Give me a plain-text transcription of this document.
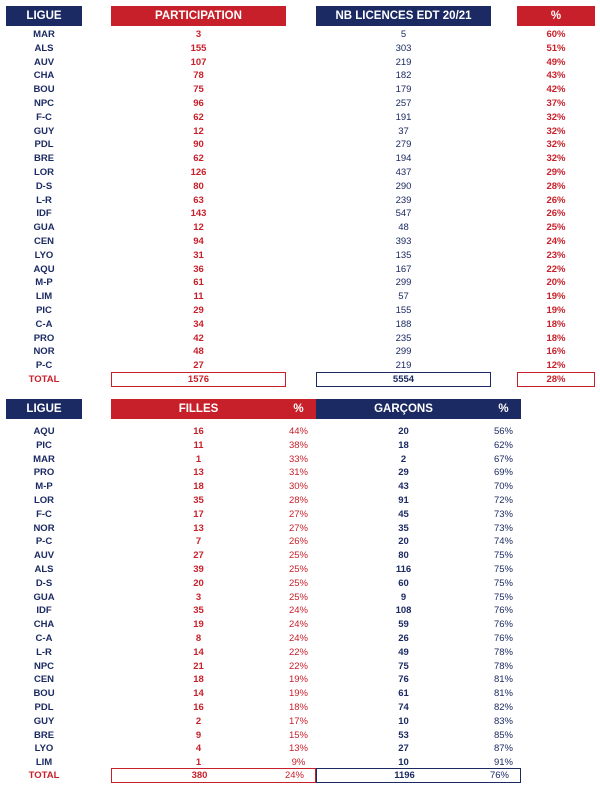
LIGUE	PARTICIPATION	NB LICENCES EDT 20/21	%
MAR	3	5	60%
ALS	155	303	51%
AUV	107	219	49%
CHA	78	182	43%
BOU	75	179	42%
NPC	96	257	37%
F-C	62	191	32%
GUY	12	37	32%
PDL	90	279	32%
BRE	62	194	32%
LOR	126	437	29%
D-S	80	290	28%
L-R	63	239	26%
IDF	143	547	26%
GUA	12	48	25%
CEN	94	393	24%
LYO	31	135	23%
AQU	36	167	22%
M-P	61	299	20%
LIM	11	57	19%
PIC	29	155	19%
C-A	34	188	18%
PRO	42	235	18%
NOR	48	299	16%
P-C	27	219	12%
TOTAL	1576	5554	28%
LIGUE	FILLES	%	GARÇONS	%
AQU	16	44%	20	56%
PIC	11	38%	18	62%
MAR	1	33%	2	67%
PRO	13	31%	29	69%
M-P	18	30%	43	70%
LOR	35	28%	91	72%
F-C	17	27%	45	73%
NOR	13	27%	35	73%
P-C	7	26%	20	74%
AUV	27	25%	80	75%
ALS	39	25%	116	75%
D-S	20	25%	60	75%
GUA	3	25%	9	75%
IDF	35	24%	108	76%
CHA	19	24%	59	76%
C-A	8	24%	26	76%
L-R	14	22%	49	78%
NPC	21	22%	75	78%
CEN	18	19%	76	81%
BOU	14	19%	61	81%
PDL	16	18%	74	82%
GUY	2	17%	10	83%
BRE	9	15%	53	85%
LYO	4	13%	27	87%
LIM	1	9%	10	91%
TOTAL	380	24%	1196	76%
